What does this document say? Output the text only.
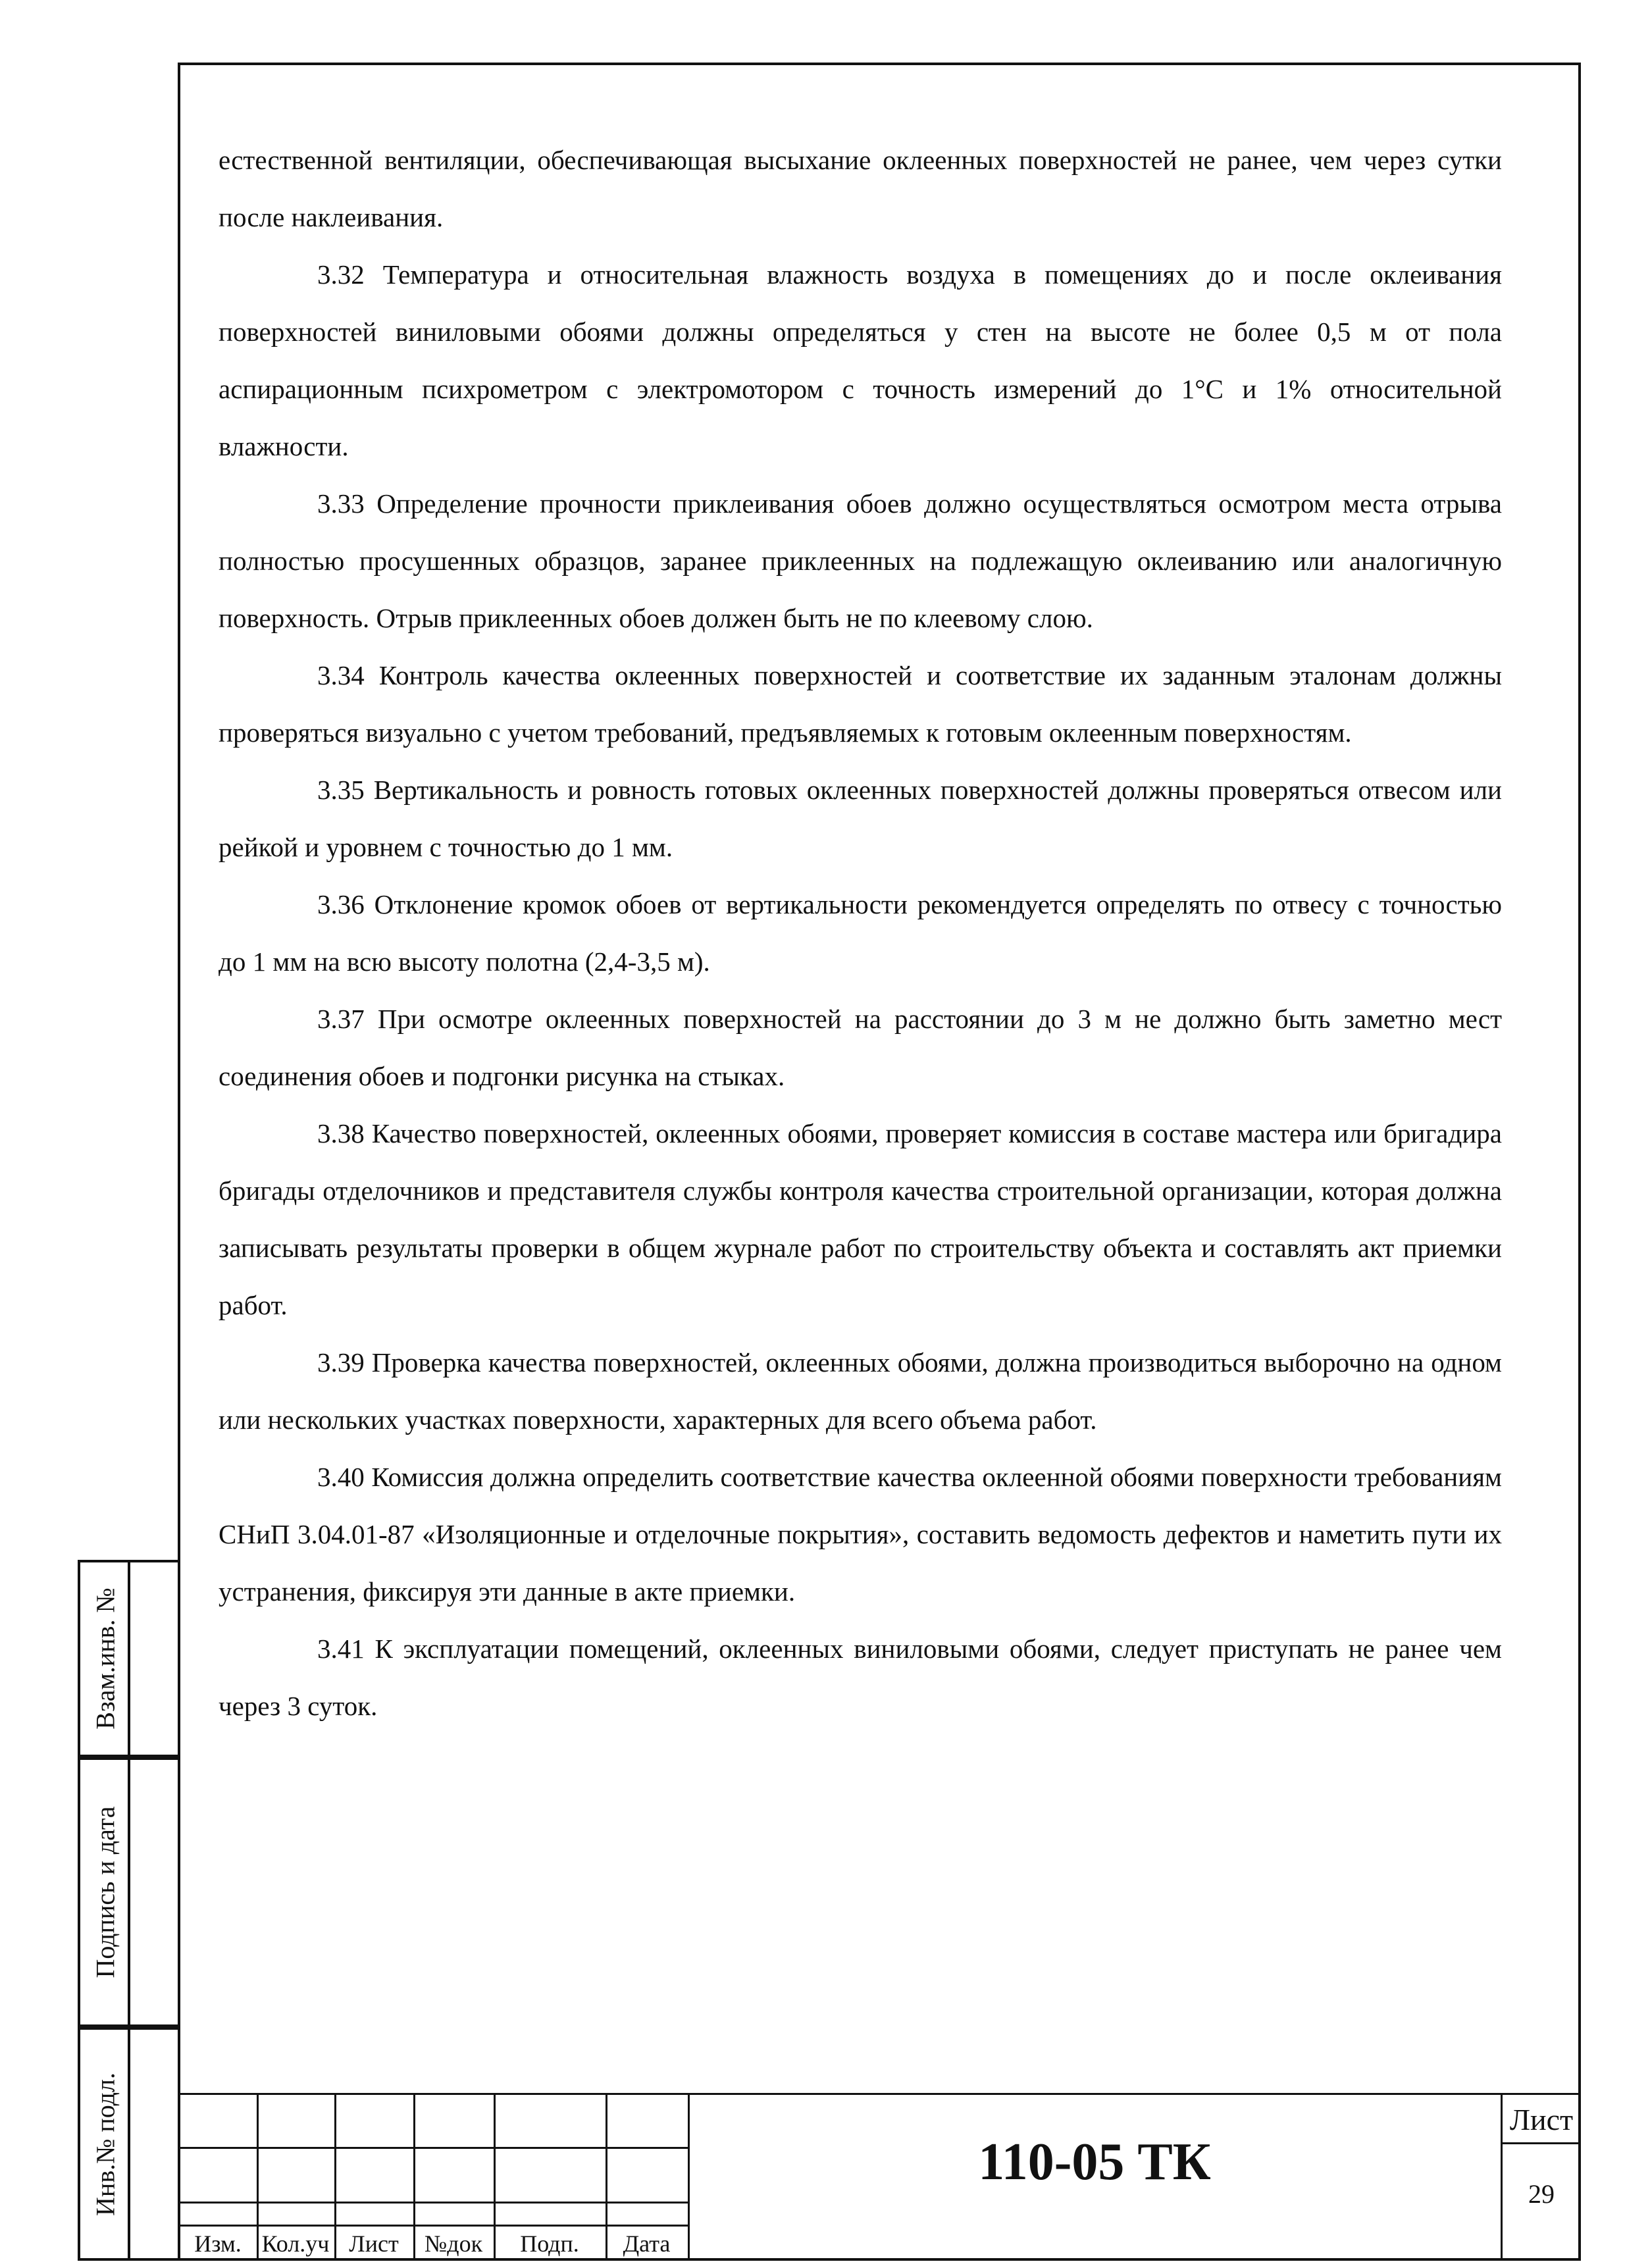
естественной вентиляции, обеспечивающая высыхание оклеенных поверхностей не ранее, чем через сутки после наклеивания.

3.32 Температура и относительная влажность воздуха в помещениях до и после оклеивания поверхностей виниловыми обоями должны определяться у стен на высоте не более 0,5 м от пола аспирационным психрометром с электромотором с точность измерений до 1°С и 1% относительной влажности.

3.33 Определение прочности приклеивания обоев должно осуществляться осмотром места отрыва полностью просушенных образцов, заранее приклеенных на подлежащую оклеиванию или аналогичную поверхность. Отрыв приклеенных обоев должен быть не по клеевому слою.

3.34 Контроль качества оклеенных поверхностей и соответствие их заданным эталонам должны проверяться визуально с учетом требований, предъявляемых к готовым оклеенным поверхностям.

3.35 Вертикальность и ровность готовых оклеенных поверхностей должны проверяться отвесом или рейкой и уровнем с точностью до 1 мм.

3.36 Отклонение кромок обоев от вертикальности рекомендуется определять по отвесу с точностью до 1 мм на всю высоту полотна (2,4-3,5 м).

3.37 При осмотре оклеенных поверхностей на расстоянии до 3 м не должно быть заметно мест соединения обоев и подгонки рисунка на стыках.

3.38 Качество поверхностей, оклеенных обоями, проверяет комиссия в составе мастера или бригадира бригады отделочников и представителя службы контроля качества строительной организации, которая должна записывать результаты проверки в общем журнале работ по строительству объекта и составлять акт приемки работ.

3.39 Проверка качества поверхностей, оклеенных обоями, должна производиться выборочно на одном или нескольких участках поверхности, характерных для всего объема работ.

3.40 Комиссия должна определить соответствие качества оклеенной обоями поверхности требованиям СНиП 3.04.01-87 «Изоляционные и отделочные покрытия», составить ведомость дефектов и наметить пути их устранения, фиксируя эти данные в акте приемки.

3.41 К эксплуатации помещений, оклеенных виниловыми обоями, следует приступать не ранее чем через 3 суток.

Взам.инв. №
Подпись и дата
Инв.№ подл.
Изм. Кол.уч Лист	№док	Подп.	Дата
110-05 ТК
Лист
29
